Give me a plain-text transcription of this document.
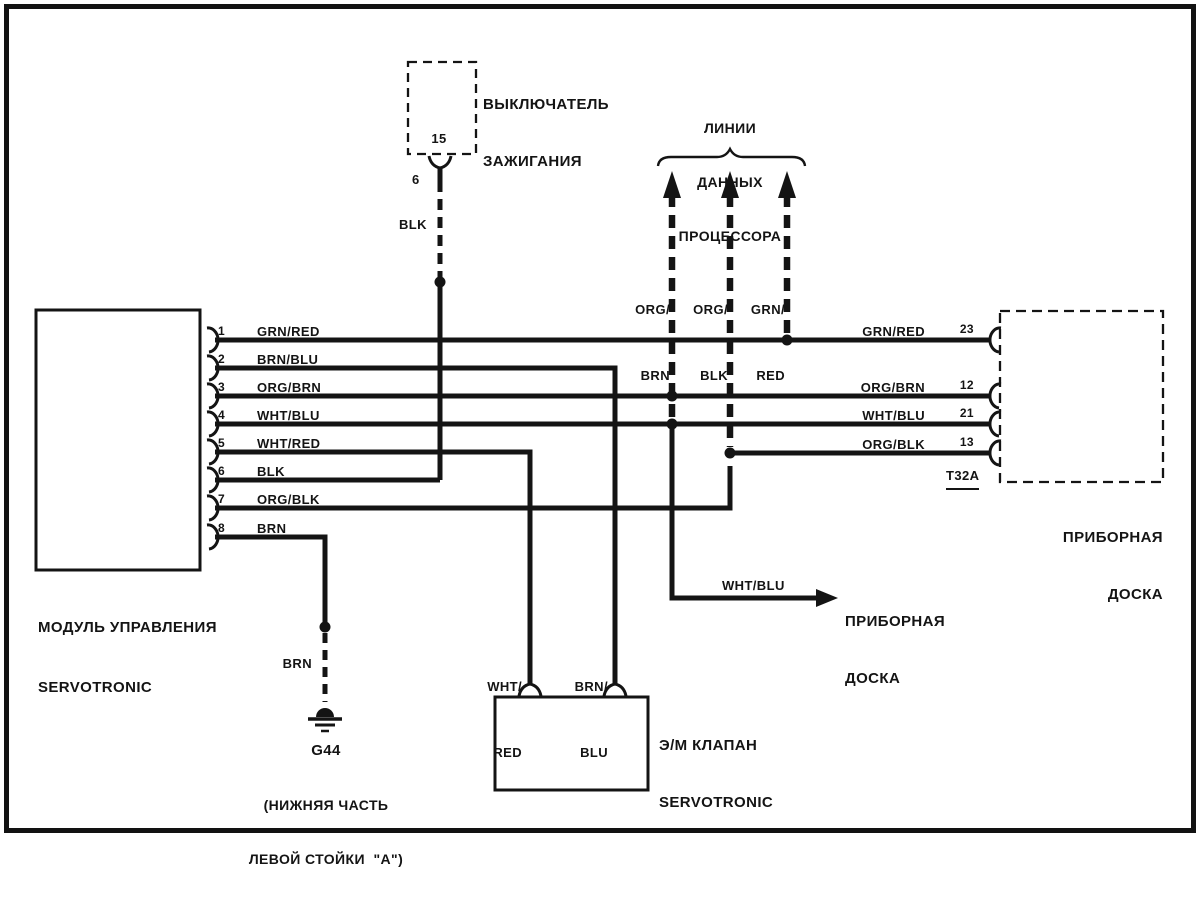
ВЫКЛЮЧАТЕЛЬ

ЗАЖИГАНИЯ

15
6
BLK

ЛИНИИ

ДАННЫХ

ПРОЦЕССОРА

ORG/

BRN

ORG/

BLK

GRN/

RED

МОДУЛЬ УПРАВЛЕНИЯ

SERVOTRONIC

1
2
3
4
5
6
7
8
GRN/RED
BRN/BLU
ORG/BRN
WHT/BLU
WHT/RED
BLK
ORG/BLK
BRN
GRN/RED
ORG/BRN
WHT/BLU
ORG/BLK
23
12
21
13
T32A

ПРИБОРНАЯ

ДОСКА

WHT/BLU

ПРИБОРНАЯ

ДОСКА

WHT/

RED

BRN/

BLU

	Э/М КЛАПАН

SERVOTRONIC

BRN
G44

(НИЖНЯЯ ЧАСТЬ

ЛЕВОЙ СТОЙКИ  "А")
